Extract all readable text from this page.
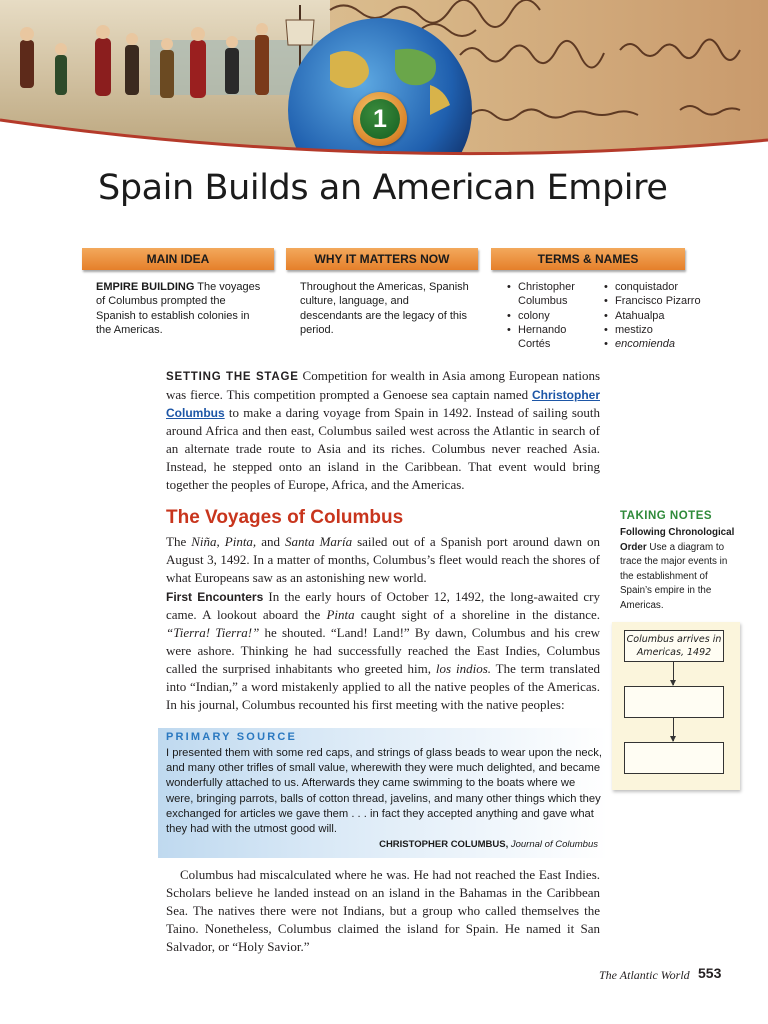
1
Spain Builds an American Empire
MAIN IDEA	WHY IT MATTERS NOW	TERMS & NAMES
EMPIRE BUILDING The voyages of Columbus prompted the Spanish to establish colonies in the Americas.
Throughout the Americas, Spanish culture, language, and descendants are the legacy of this period.
• Christopher Columbus
• colony
• Hernando Cortés
• conquistador
• Francisco Pizarro
• Atahualpa
• mestizo
• encomienda

SETTING THE STAGE Competition for wealth in Asia among European nations was fierce. This competition prompted a Genoese sea captain named Christopher Columbus to make a daring voyage from Spain in 1492. Instead of sailing south around Africa and then east, Columbus sailed west across the Atlantic in search of an alternate trade route to Asia and its riches. Columbus never reached Asia. Instead, he stepped onto an island in the Caribbean. That event would bring together the peoples of Europe, Africa, and the Americas.

The Voyages of Columbus

The Niña, Pinta, and Santa María sailed out of a Spanish port around dawn on August 3, 1492. In a matter of months, Columbus’s fleet would reach the shores of what Europeans saw as an astonishing new world.

First Encounters In the early hours of October 12, 1492, the long-awaited cry came. A lookout aboard the Pinta caught sight of a shoreline in the distance. “Tierra! Tierra!” he shouted. “Land! Land!” By dawn, Columbus and his crew were ashore. Thinking he had successfully reached the East Indies, Columbus called the surprised inhabitants who greeted him, los indios. The term translated into “Indian,” a word mistakenly applied to all the native peoples of the Americas. In his journal, Columbus recounted his first meeting with the native peoples:

PRIMARY SOURCE

I presented them with some red caps, and strings of glass beads to wear upon the neck, and many other trifles of small value, wherewith they were much delighted, and became wonderfully attached to us. Afterwards they came swimming to the boats where we were, bringing parrots, balls of cotton thread, javelins, and many other things which they exchanged for articles we gave them . . . in fact they accepted anything and gave what they had with the utmost good will.

CHRISTOPHER COLUMBUS, Journal of Columbus

Columbus had miscalculated where he was. He had not reached the East Indies. Scholars believe he landed instead on an island in the Bahamas in the Caribbean Sea. The natives there were not Indians, but a group who called themselves the Taino. Nonetheless, Columbus claimed the island for Spain. He named it San Salvador, or “Holy Savior.”

TAKING NOTES
Following Chronological Order Use a diagram to trace the major events in the establishment of Spain’s empire in the Americas.
Columbus arrives in Americas, 1492
The Atlantic World 553
